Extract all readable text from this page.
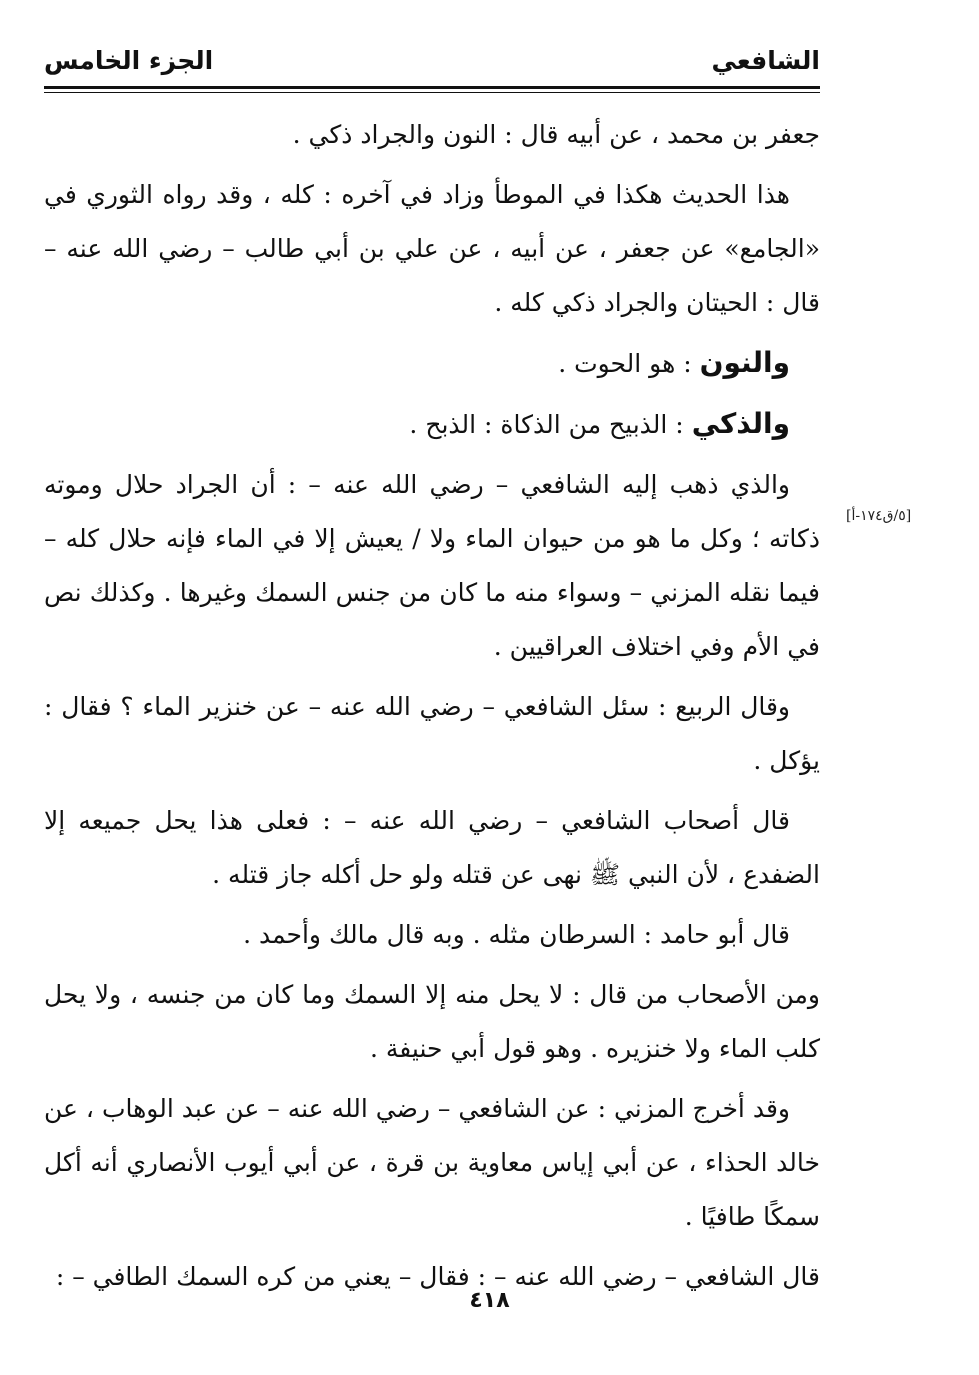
الشافعي
الجزء الخامس
[٥/ق١٧٤-أ]

جعفر بن محمد ، عن أبيه قال : النون والجراد ذكي .

هذا الحديث هكذا في الموطأ وزاد في آخره : كله ، وقد رواه الثوري في «الجامع» عن جعفر ، عن أبيه ، عن علي بن أبي طالب – رضي الله عنه – قال : الحيتان والجراد ذكي كله .

والنون : هو الحوت .

والذكي : الذبيح من الذكاة : الذبح .

والذي ذهب إليه الشافعي – رضي الله عنه – : أن الجراد حلال وموته ذكاته ؛ وكل ما هو من حيوان الماء ولا / يعيش إلا في الماء فإنه حلال كله – فيما نقله المزني – وسواء منه ما كان من جنس السمك وغيرها . وكذلك نص في الأم وفي اختلاف العراقيين .

وقال الربيع : سئل الشافعي – رضي الله عنه – عن خنزير الماء ؟ فقال : يؤكل .

قال أصحاب الشافعي – رضي الله عنه – : فعلى هذا يحل جميعه إلا الضفدع ، لأن النبي ﷺ نهى عن قتله ولو حل أكله جاز قتله .

قال أبو حامد : السرطان مثله . وبه قال مالك وأحمد .

ومن الأصحاب من قال : لا يحل منه إلا السمك وما كان من جنسه ، ولا يحل كلب الماء ولا خنزيره . وهو قول أبي حنيفة .

وقد أخرج المزني : عن الشافعي – رضي الله عنه – عن عبد الوهاب ، عن خالد الحذاء ، عن أبي إياس معاوية بن قرة ، عن أبي أيوب الأنصاري أنه أكل سمكًا طافيًا .

قال الشافعي – رضي الله عنه – : فقال – يعني من كره السمك الطافي – :

٤١٨
